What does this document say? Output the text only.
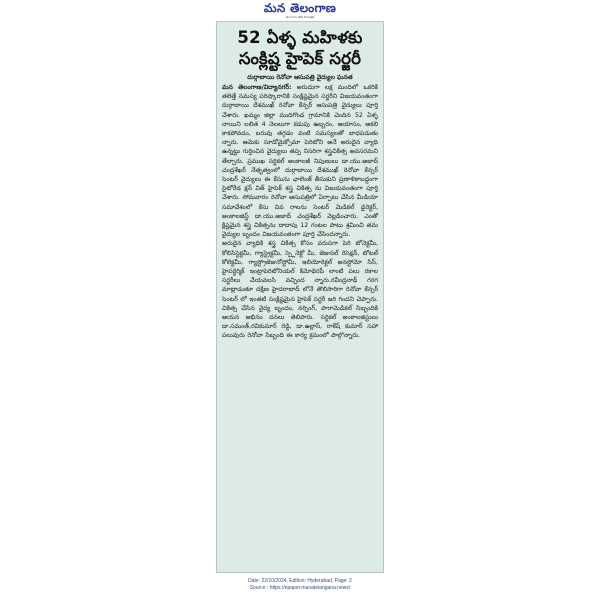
మన తెలంగాణ
తెలంగాణ తొలి దినపత్రిక
52 ఏళ్ళ మహిళకు
సంక్లిష్ట హైపెక్ సర్జరీ
దుర్గాబాయి రెనోవా ఆసుపత్రి వైద్యుల ఘనత

మన తెలంగాణ/విద్యానగర్: అరుదుగా లక్ష మందిలో ఒకరికి తలెత్తే సమస్య పరిష్కారానికి సంక్లిష్టమైన సర్జరీని విజయవంతంగా దుర్గాబాయి దేశముఖ్ రెనోవా కేన్సర్ ఆసుపత్రి వైద్యులు పూర్తి చేశారు. ఖమ్మం జిల్లా ముదిగొండ గ్రామానికి చెందిన 52 ఏళ్ళ నాయిని లలిత 4 నెలలుగా కడుపు ఉబ్బరం, ఆయాసం, ఆకలి కాకపోవడం, బరువు తగ్గడం వంటి సమస్యలతో బాధపడుతు న్నారు. ఆమెకు సూడోమైక్సోమా పెరిటోని అనే అరుదైన వ్యాధి ఉన్నట్టు గుర్తించిన వైద్యులు తప్ప నిసరిగా శస్త్రచికిత్స అవసరమని తేల్చారు. ప్రముఖ సర్జికల్ అంకాలజీ నిపుణులు డా.యు.అజాద్ చంద్రశేఖర్ నేతృత్వంలో దుర్గాబాయి దేశముఖ్ రెనోవా కేన్సర్ సెంటర్ వైద్యులు ఈ కేసును ఛాలెంజ్ తీసుకుని ప్రణాళికాబద్ధంగా సైటోరేడ క్షన్ విత్ హైపెక్ శస్త్ర చికిత్స ను విజయవంతంగా పూర్తి చేశారు. సోమవారం రెనోవా ఆసుపత్రిలో ఏర్పాటు చేసిన మీడియా సమావేశంలో కేసు వివ రాలను సెంటర్ మెడికల్ డైరెక్టర్, అంకాలజిస్ట్ డా.యు.అజాద్ చంద్రశేఖర్ వెల్లడించారు. ఎంతో క్లిష్టమైన శస్త్ర చికిత్సను దాదాపు 12 గంటల పాటు శ్రమించి తమ వైద్యుల బృందం విజయవంతంగా పూర్తి చేసిందన్నారు.

అరుదైన వ్యాధికి శస్త్ర చికిత్స కోసం వరుసగా పెరి టోనెక్టమీ, కోలిసిస్టెక్టమీ, గ్యాస్ట్రెక్టమీ, స్ప్లెనెక్టో మీ, జెజునల్ రెసెక్షన్, టోటల్ కోలెక్టమీ, గ్యాస్ట్రోజెజునోస్టోమీ, ఇలియోరెక్టల్ అనస్టోమో సిస్, హైపర్థెర్మిక్ ఇంట్రాపెరిటోనియల్ కిమోథెరపీ లాంటి పలు రకాల సర్జరీలు చేయవలసి వచ్చింద న్నారు.రవీంద్రనాథ్ గరగ మాట్లాడుతూ దక్షిణ హైదరాబాద్ లోనే తొలిసారిగా రెనోవా కేన్సర్ సెంటర్ లో ఇంతటి సంక్లిష్టమైన హైపెక్ సర్జరీ జరి గిందని చెప్పారు. చికిత్స చేసిన వైద్య బృందం, నర్సింగ్, పారామెడికల్ సిబ్బందికి ఆయన అభినం దనలు తెలిపారు. సర్జికల్ అంకాలజిస్టులు డా.సమంత్,రవికుమార్ రెడ్డి, డా.ఉల్లాస్, రాకేష్ కుమార్ సహా పలువురు రెనోవా సిబ్బంది ఈ కార్య క్రమంలో పాల్గొన్నారు.

Date: 22/10/2024, Edition: Hyderabad, Page: 2
Source : https://epaper.manatelangana.news/
